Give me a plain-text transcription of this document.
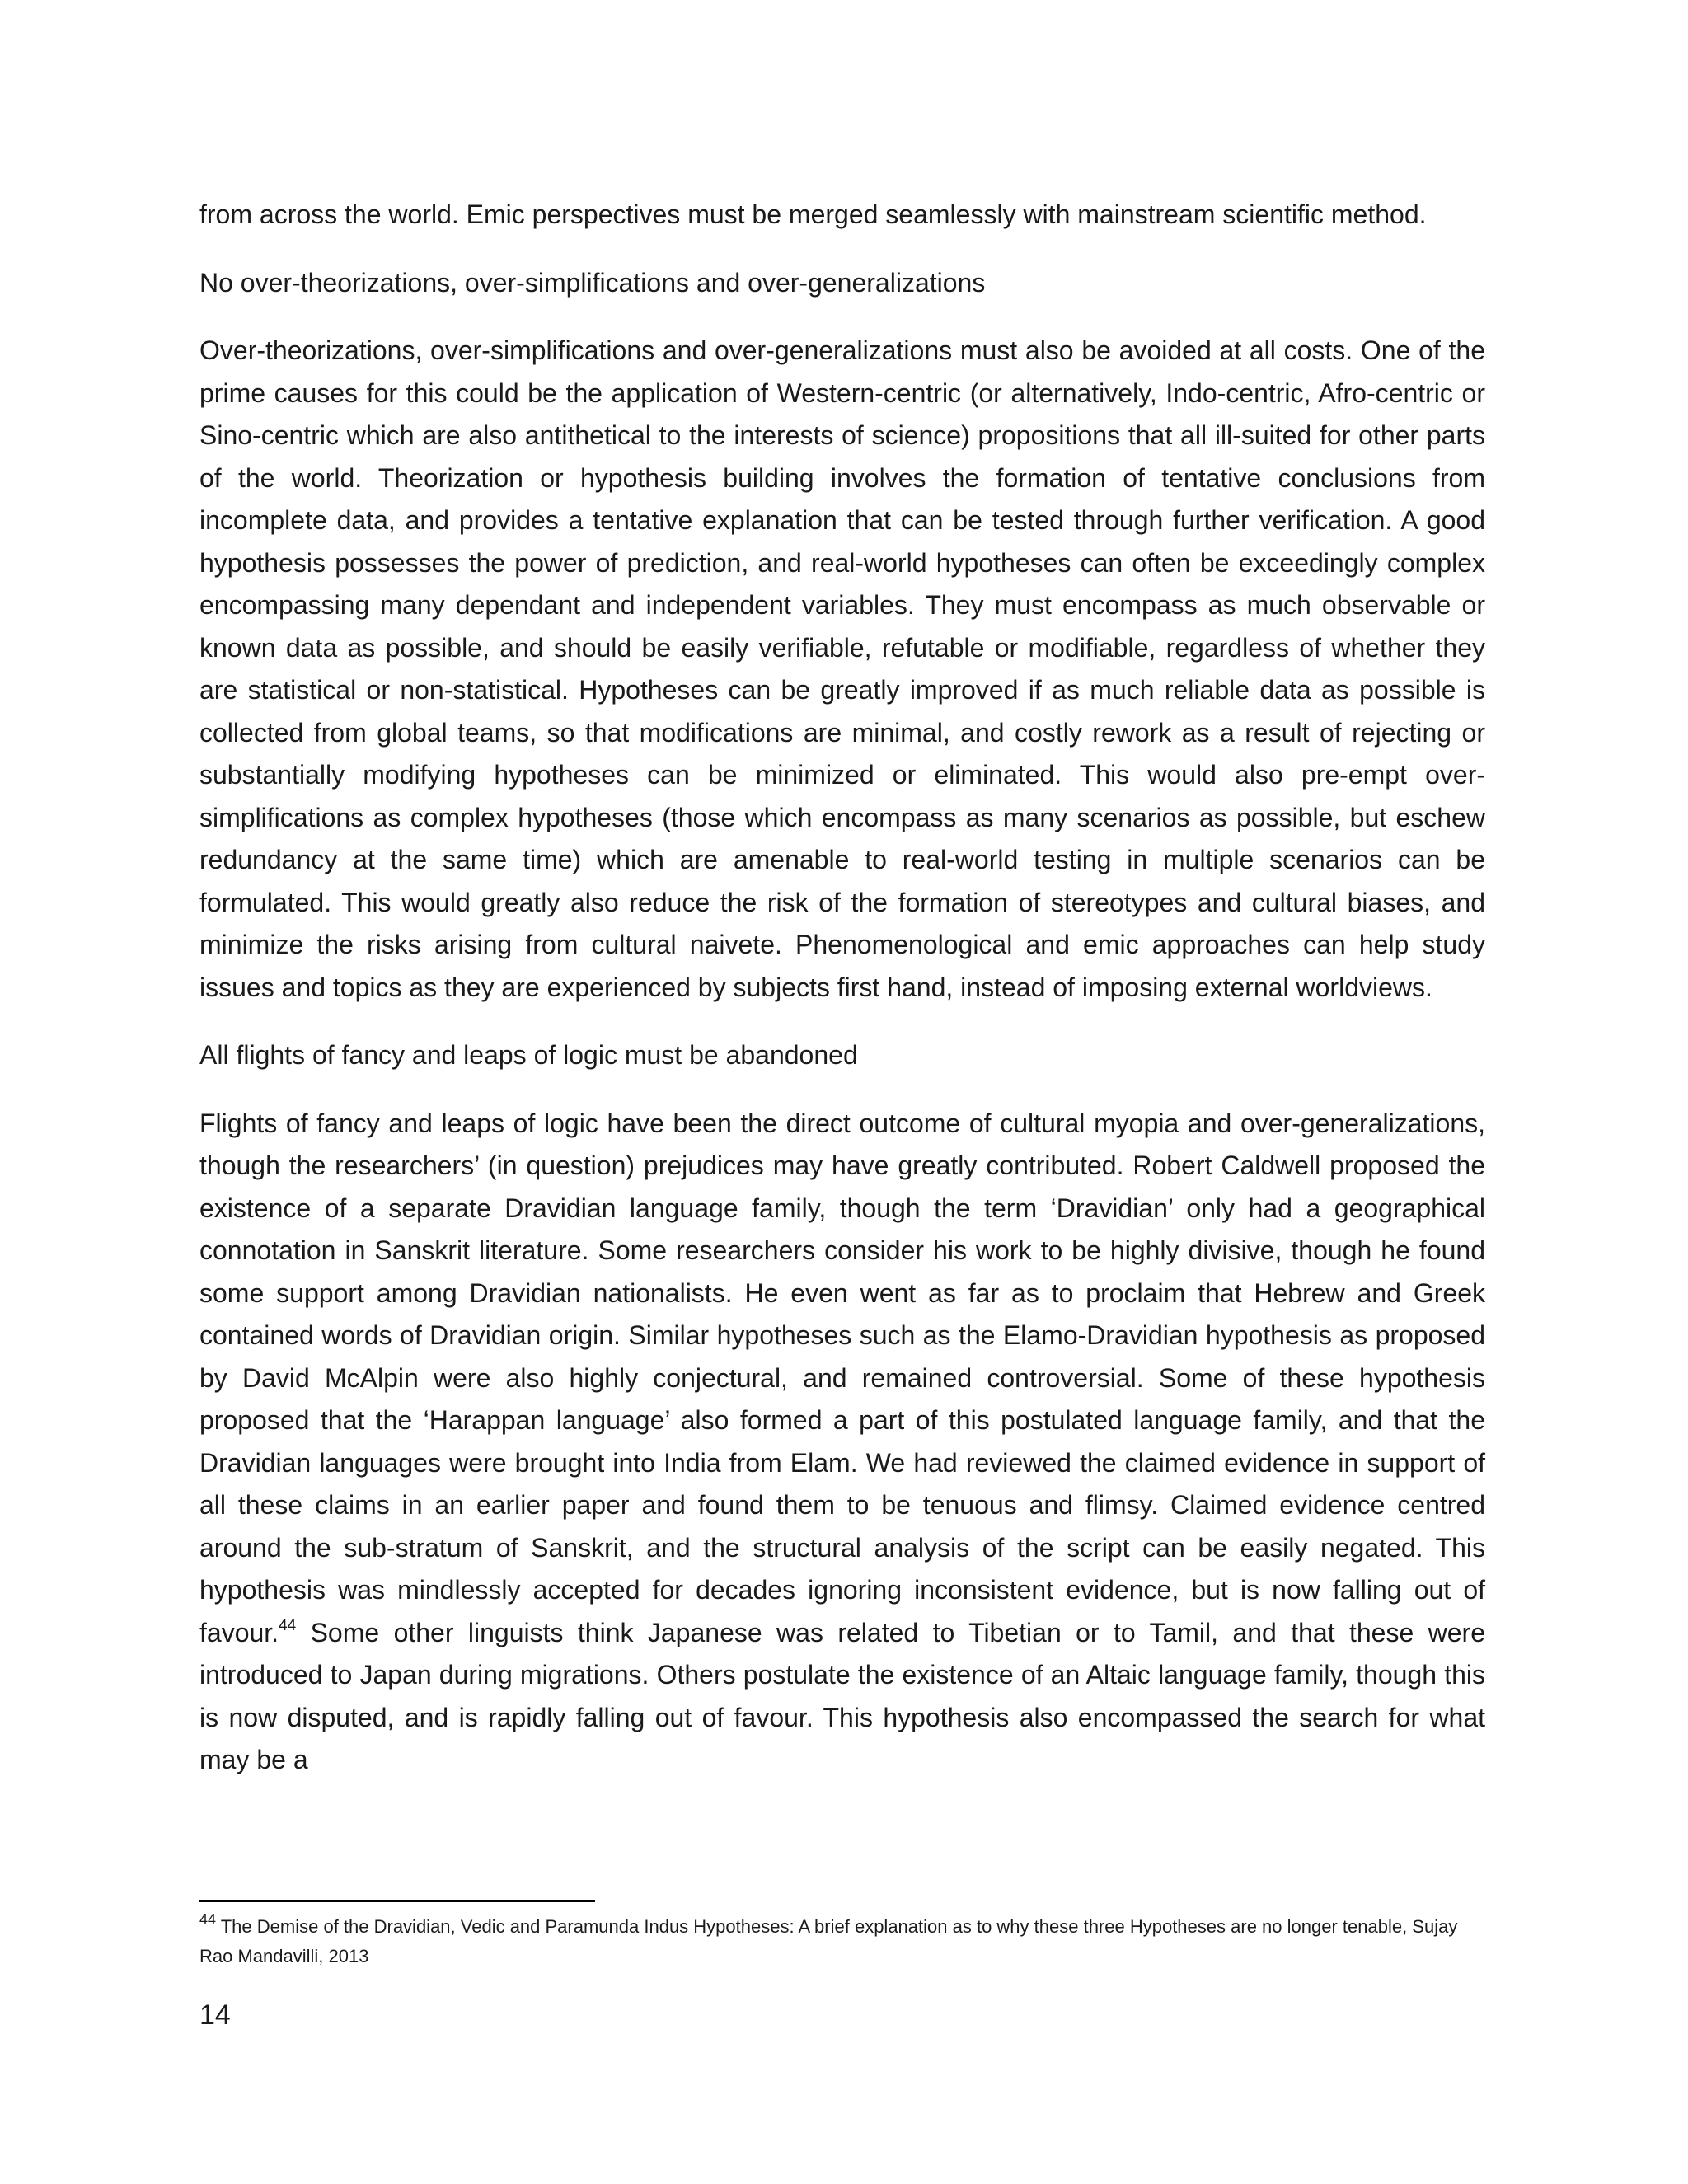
from across the world. Emic perspectives must be merged seamlessly with mainstream scientific method.

No over-theorizations, over-simplifications and over-generalizations

Over-theorizations, over-simplifications and over-generalizations must also be avoided at all costs. One of the prime causes for this could be the application of Western-centric (or alternatively, Indo-centric, Afro-centric or Sino-centric which are also antithetical to the interests of science) propositions that all ill-suited for other parts of the world. Theorization or hypothesis building involves the formation of tentative conclusions from incomplete data, and provides a tentative explanation that can be tested through further verification. A good hypothesis possesses the power of prediction, and real-world hypotheses can often be exceedingly complex encompassing many dependant and independent variables. They must encompass as much observable or known data as possible, and should be easily verifiable, refutable or modifiable, regardless of whether they are statistical or non-statistical. Hypotheses can be greatly improved if as much reliable data as possible is collected from global teams, so that modifications are minimal, and costly rework as a result of rejecting or substantially modifying hypotheses can be minimized or eliminated. This would also pre-empt over-simplifications as complex hypotheses (those which encompass as many scenarios as possible, but eschew redundancy at the same time) which are amenable to real-world testing in multiple scenarios can be formulated. This would greatly also reduce the risk of the formation of stereotypes and cultural biases, and minimize the risks arising from cultural naivete. Phenomenological and emic approaches can help study issues and topics as they are experienced by subjects first hand, instead of imposing external worldviews.

All flights of fancy and leaps of logic must be abandoned

Flights of fancy and leaps of logic have been the direct outcome of cultural myopia and over-generalizations, though the researchers’ (in question) prejudices may have greatly contributed. Robert Caldwell proposed the existence of a separate Dravidian language family, though the term ‘Dravidian’ only had a geographical connotation in Sanskrit literature. Some researchers consider his work to be highly divisive, though he found some support among Dravidian nationalists. He even went as far as to proclaim that Hebrew and Greek contained words of Dravidian origin. Similar hypotheses such as the Elamo-Dravidian hypothesis as proposed by David McAlpin were also highly conjectural, and remained controversial. Some of these hypothesis proposed that the ‘Harappan language’ also formed a part of this postulated language family, and that the Dravidian languages were brought into India from Elam. We had reviewed the claimed evidence in support of all these claims in an earlier paper and found them to be tenuous and flimsy. Claimed evidence centred around the sub-stratum of Sanskrit, and the structural analysis of the script can be easily negated. This hypothesis was mindlessly accepted for decades ignoring inconsistent evidence, but is now falling out of favour.$^{44}$ Some other linguists think Japanese was related to Tibetian or to Tamil, and that these were introduced to Japan during migrations. Others postulate the existence of an Altaic language family, though this is now disputed, and is rapidly falling out of favour. This hypothesis also encompassed the search for what may be a

$^{44}$ The Demise of the Dravidian, Vedic and Paramunda Indus Hypotheses: A brief explanation as to why these three Hypotheses are no longer tenable, Sujay Rao Mandavilli, 2013

14
